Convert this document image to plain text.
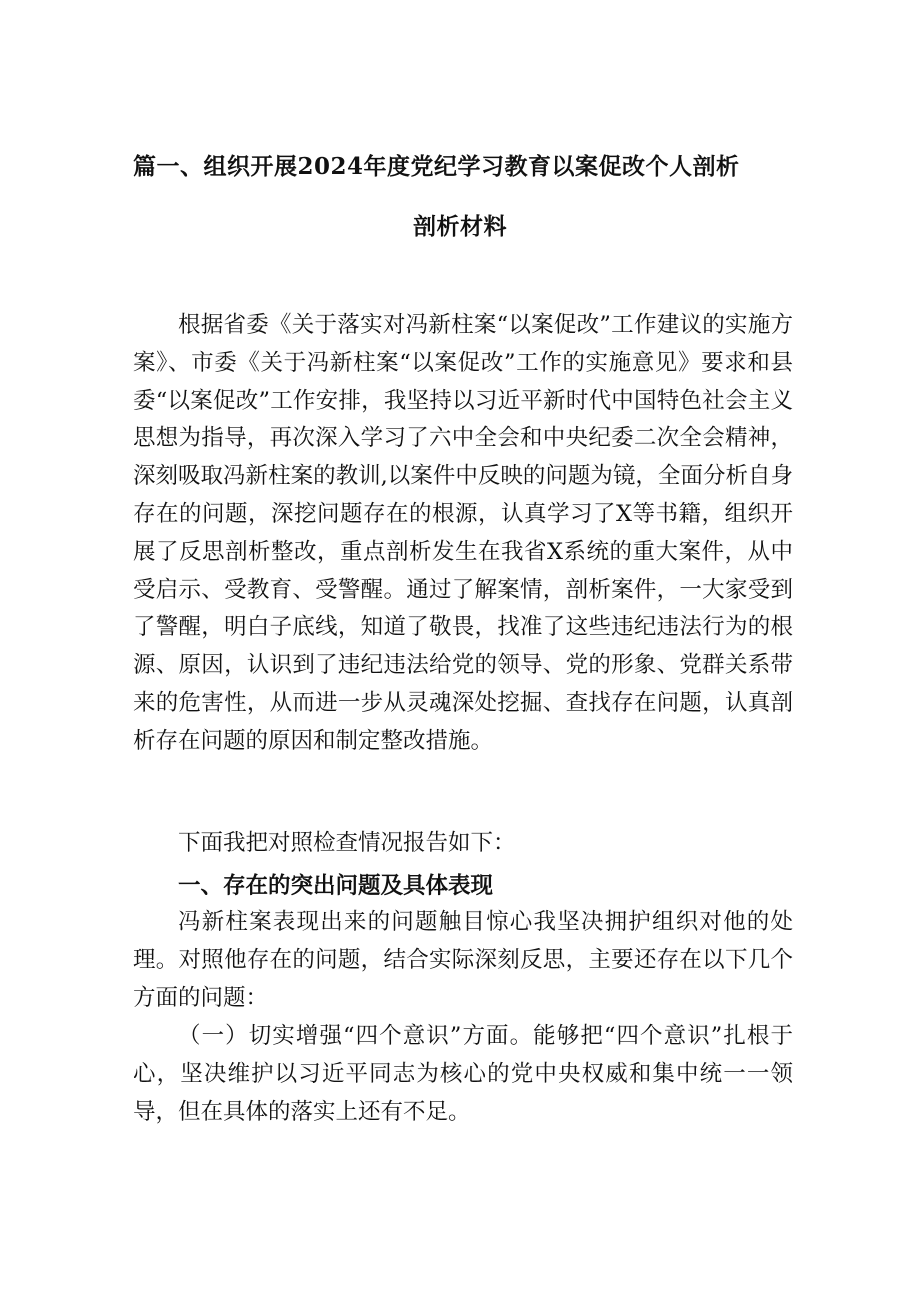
篇一、组织开展2024年度党纪学习教育以案促改个人剖析
剖析材料

根据省委《关于落实对冯新柱案“以案促改”工作建议的实施方案》、市委《关于冯新柱案“以案促改”工作的实施意见》要求和县委“以案促改”工作安排，我坚持以习近平新时代中国特色社会主义思想为指导，再次深入学习了六中全会和中央纪委二次全会精神，深刻吸取冯新柱案的教训,以案件中反映的问题为镜，全面分析自身存在的问题，深挖问题存在的根源，认真学习了X等书籍，组织开展了反思剖析整改，重点剖析发生在我省X系统的重大案件，从中受启示、受教育、受警醒。通过了解案情，剖析案件，一大家受到了警醒，明白子底线，知道了敬畏，找准了这些违纪违法行为的根源、原因，认识到了违纪违法给党的领导、党的形象、党群关系带来的危害性，从而进一步从灵魂深处挖掘、查找存在问题，认真剖析存在问题的原因和制定整改措施。

下面我把对照检查情况报告如下：

一、存在的突出问题及具体表现

冯新柱案表现出来的问题触目惊心我坚决拥护组织对他的处理。对照他存在的问题，结合实际深刻反思，主要还存在以下几个方面的问题：

（一）切实增强“四个意识”方面。能够把“四个意识”扎根于心，坚决维护以习近平同志为核心的党中央权威和集中统一一领导，但在具体的落实上还有不足。
